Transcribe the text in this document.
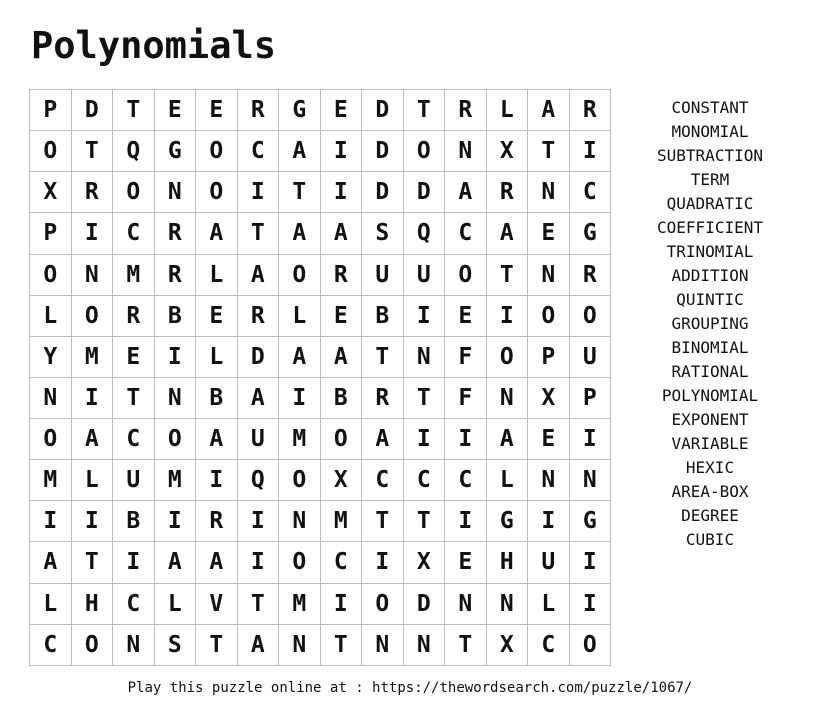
Polynomials
P	D	T	E	E	R	G	E	D	T	R	L	A	R
O	T	Q	G	O	C	A	I	D	O	N	X	T	I
X	R	O	N	O	I	T	I	D	D	A	R	N	C
P	I	C	R	A	T	A	A	S	Q	C	A	E	G
O	N	M	R	L	A	O	R	U	U	O	T	N	R
L	O	R	B	E	R	L	E	B	I	E	I	O	O
Y	M	E	I	L	D	A	A	T	N	F	O	P	U
N	I	T	N	B	A	I	B	R	T	F	N	X	P
O	A	C	O	A	U	M	O	A	I	I	A	E	I
M	L	U	M	I	Q	O	X	C	C	C	L	N	N
I	I	B	I	R	I	N	M	T	T	I	G	I	G
A	T	I	A	A	I	O	C	I	X	E	H	U	I
L	H	C	L	V	T	M	I	O	D	N	N	L	I
C	O	N	S	T	A	N	T	N	N	T	X	C	O
CONSTANT
MONOMIAL
SUBTRACTION
TERM
QUADRATIC
COEFFICIENT
TRINOMIAL
ADDITION
QUINTIC
GROUPING
BINOMIAL
RATIONAL
POLYNOMIAL
EXPONENT
VARIABLE
HEXIC
AREA-BOX
DEGREE
CUBIC
Play this puzzle online at : https://thewordsearch.com/puzzle/1067/
